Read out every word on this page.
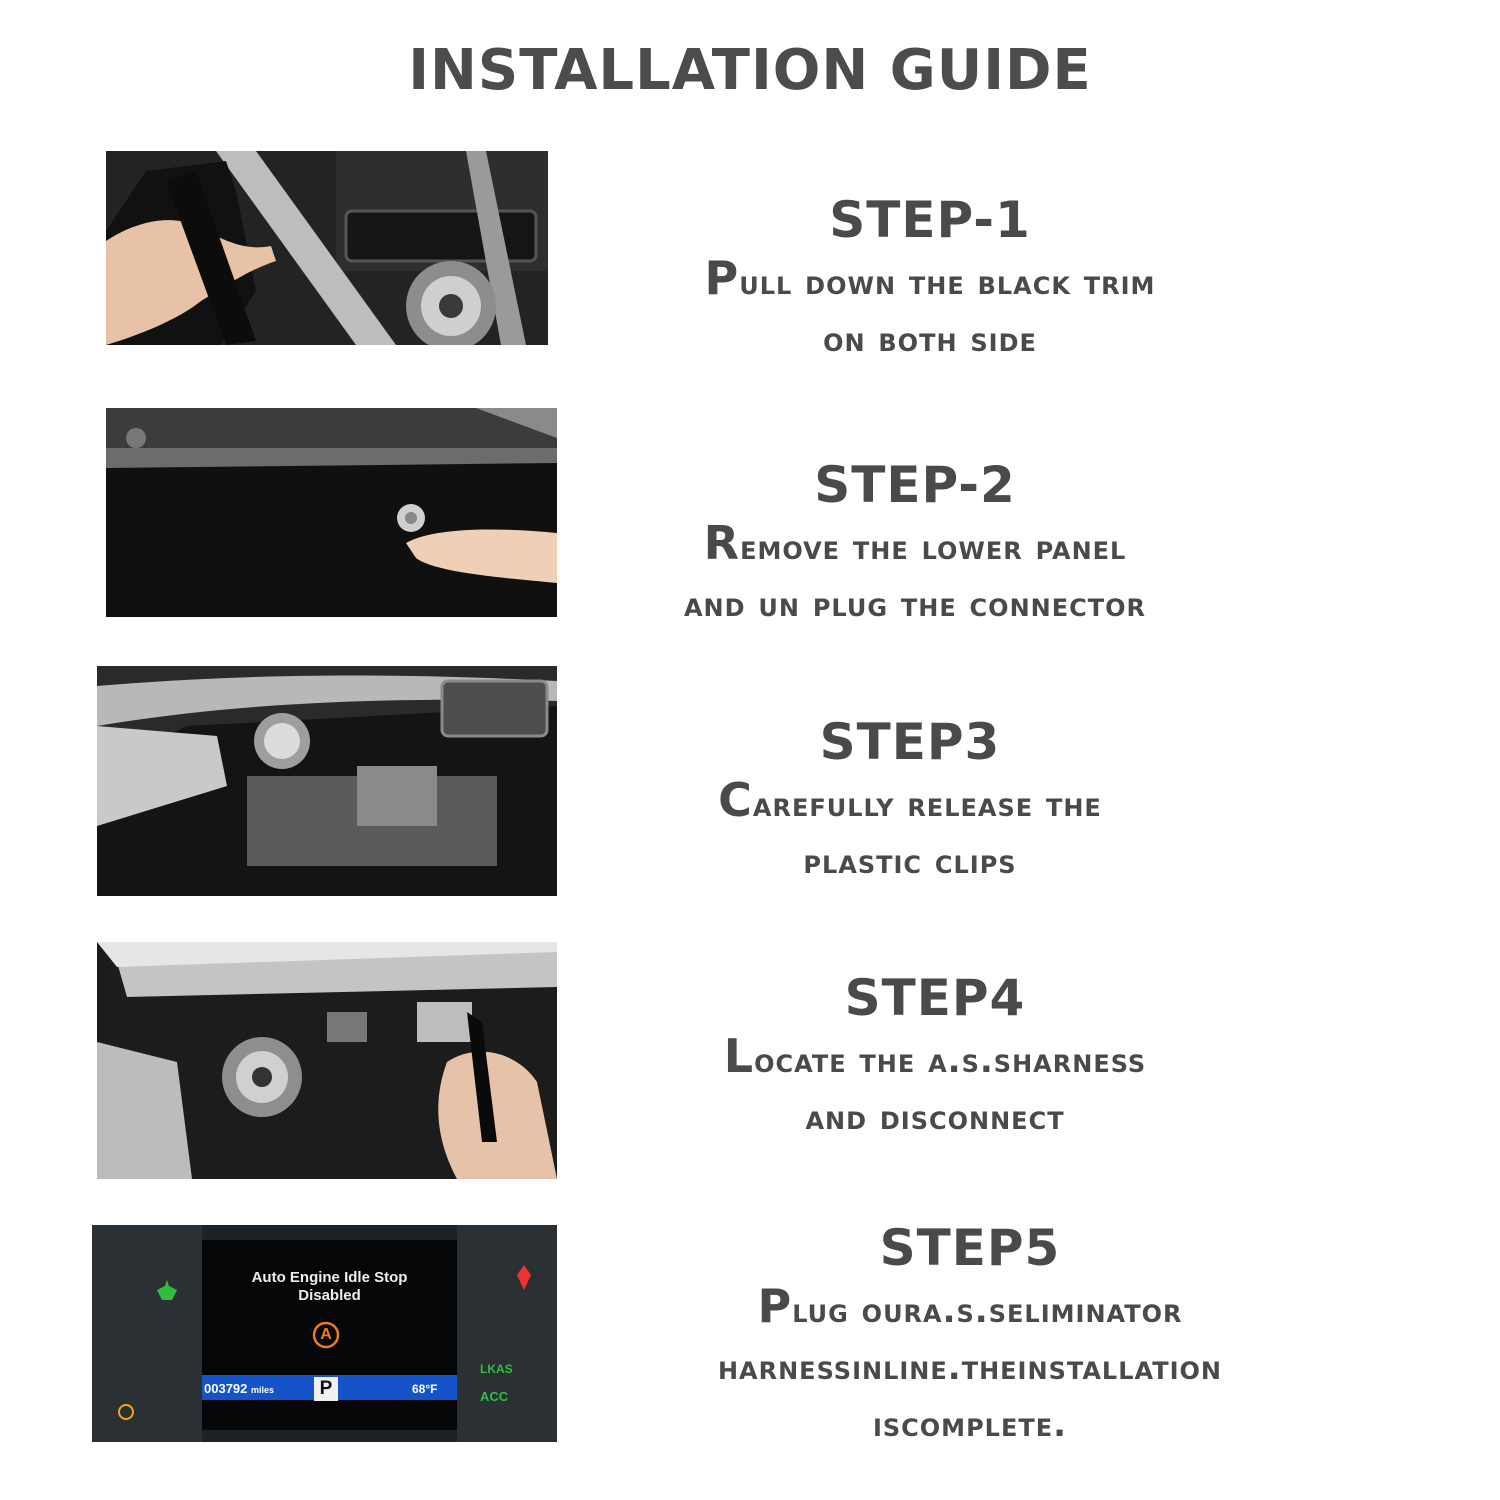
INSTALLATION GUIDE
STEP-1
Pull down the black trim
on both side
STEP-2
Remove the lower panel
and un plug the connector
STEP3
Carefully release the
plastic clips
STEP4
Locate the a.s.sharness
and disconnect
Auto Engine Idle Stop
Disabled
A
003792 miles P	68°F
LKAS
ACC
STEP5
Plug oura.s.seliminator
harnessinline.theinstallation
iscomplete.
